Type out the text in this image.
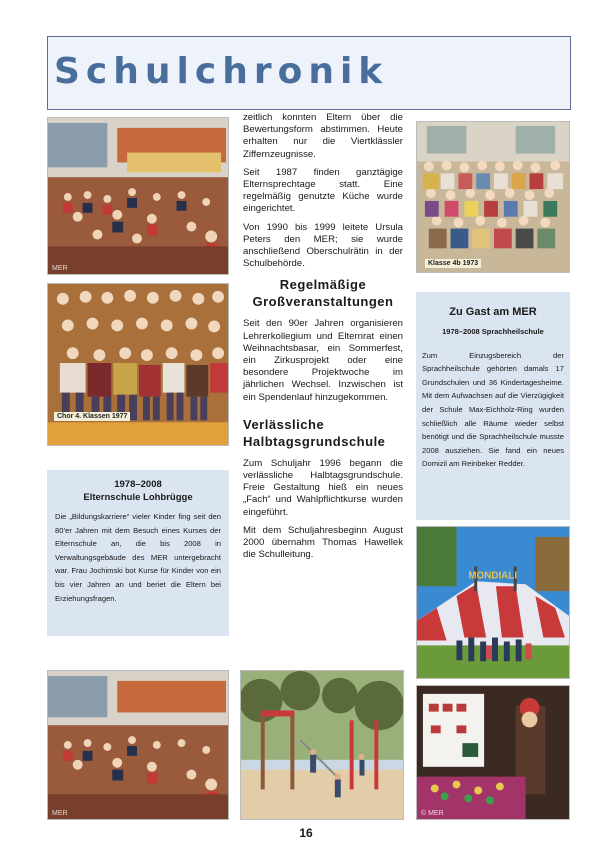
Schulchronik
MER
Chor 4. Klassen 1977
1978–2008
Elternschule Lohbrügge

Die „Bildungskarriere“ vieler Kinder fing seit den 80’er Jahren mit dem Besuch eines Kurses der Elternschule an, die bis 2008 in Verwaltungsgebäude des MER untergebracht war. Frau Jochimski bot Kurse für Kinder von ein bis vier Jahren an und beriet die Eltern bei Erziehungsfragen.

zeitlich konnten Eltern über die Bewertungsform abstimmen. Heute erhalten nur die Viertklässler Ziffernzeugnisse.

Seit 1987 finden ganztägige Elternsprechtage statt. Eine regelmäßig genutzte Küche wurde eingerichtet.

Von 1990 bis 1999 leitete Ursula Peters den MER; sie wurde anschließend Oberschulrätin in der Schulbehörde.

Regelmäßige Großveranstaltungen

Seit den 90er Jahren organisieren Lehrerkollegium und Elternrat einen Weihnachtsbasar, ein Sommerfest, ein Zirkusprojekt oder eine besondere Projektwoche im jährlichen Wechsel. Inzwischen ist ein Spendenlauf hinzugekommen.

Verlässliche Halbtagsgrundschule

Zum Schuljahr 1996 begann die verlässliche Halbtagsgrundschule. Freie Gestaltung hieß ein neues „Fach“ und Wahlpflichtkurse wurden eingeführt.

Mit dem Schuljahresbeginn August 2000 übernahm Thomas Hawellek die Schulleitung.

Klasse 4b 1973
Zu Gast am MER
1978–2008 Sprachheilschule

Zum Einzugsbereich der Sprachheilschule gehörten damals 17 Grundschulen und 36 Kindertagesheime. Mit dem Aufwachsen auf die Vierzügigkeit der Schule Max-Eichholz-Ring wurden schließlich alle Räume wieder selbst benötigt und die Sprachheilschule musste 2008 ausziehen. Sie fand ein neues Domizil am Reinbeker Redder.

MONDIALI
MER	© MER
16
